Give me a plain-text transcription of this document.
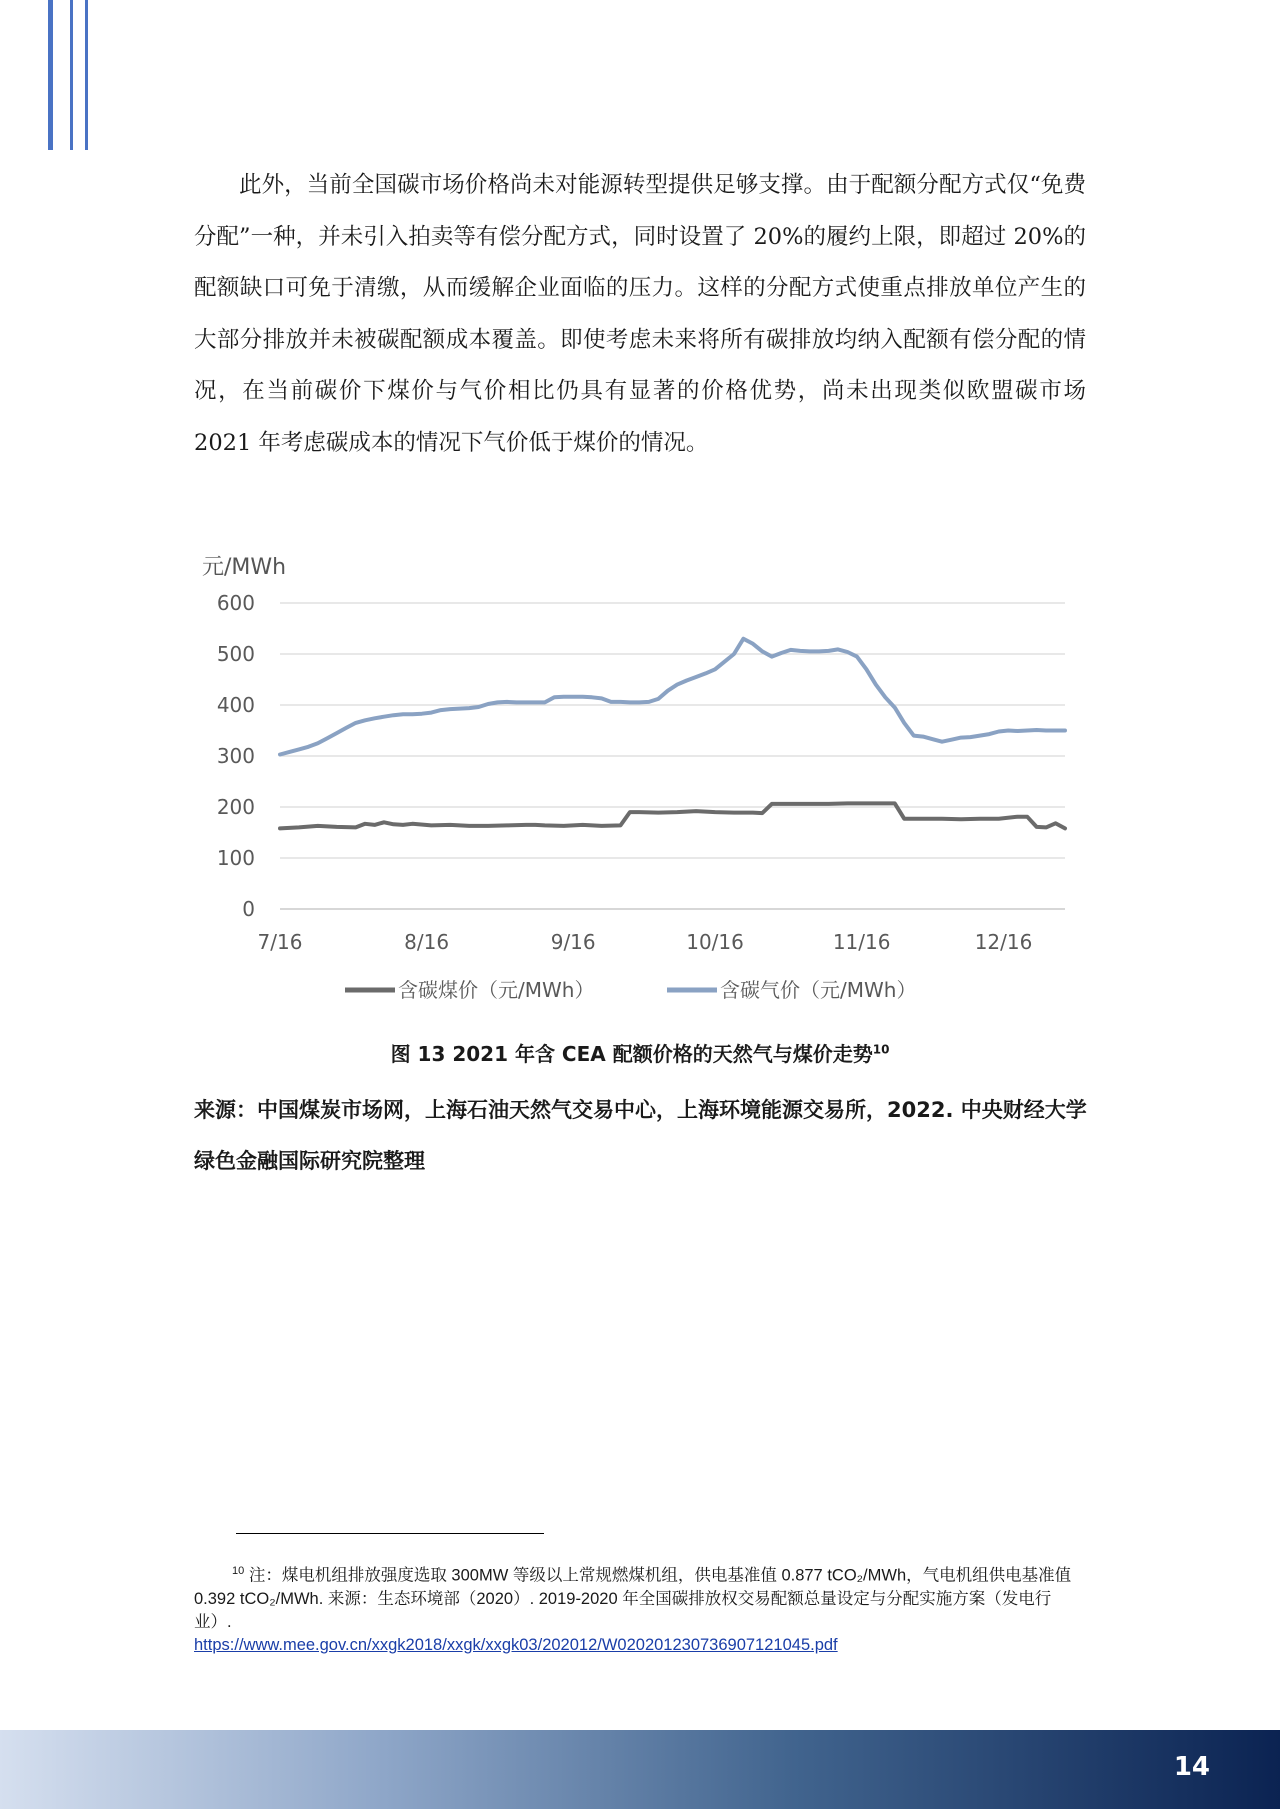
此外，当前全国碳市场价格尚未对能源转型提供足够支撑。由于配额分配方式仅“免费分配”一种，并未引入拍卖等有偿分配方式，同时设置了 20%的履约上限，即超过 20%的配额缺口可免于清缴，从而缓解企业面临的压力。这样的分配方式使重点排放单位产生的大部分排放并未被碳配额成本覆盖。即使考虑未来将所有碳排放均纳入配额有偿分配的情况，在当前碳价下煤价与气价相比仍具有显著的价格优势，尚未出现类似欧盟碳市场 2021 年考虑碳成本的情况下气价低于煤价的情况。

600
500
400
300
200
100
0
7/16	8/16	9/16	10/16	11/16	12/16
含碳煤价（元/MWh）	含碳气价（元/MWh）
元/MWh
图 13 2021 年含 CEA 配额价格的天然气与煤价走势$^{10}$

来源：中国煤炭市场网，上海石油天然气交易中心，上海环境能源交易所，2022. 中央财经大学绿色金融国际研究院整理

$^{10}$ 注：煤电机组排放强度选取 300MW 等级以上常规燃煤机组，供电基准值 0.877 tCO₂/MWh，气电机组供电基准值 0.392 tCO₂/MWh. 来源：生态环境部（2020）. 2019-2020 年全国碳排放权交易配额总量设定与分配实施方案（发电行业）.
https://www.mee.gov.cn/xxgk2018/xxgk/xxgk03/202012/W020201230736907121045.pdf

14
